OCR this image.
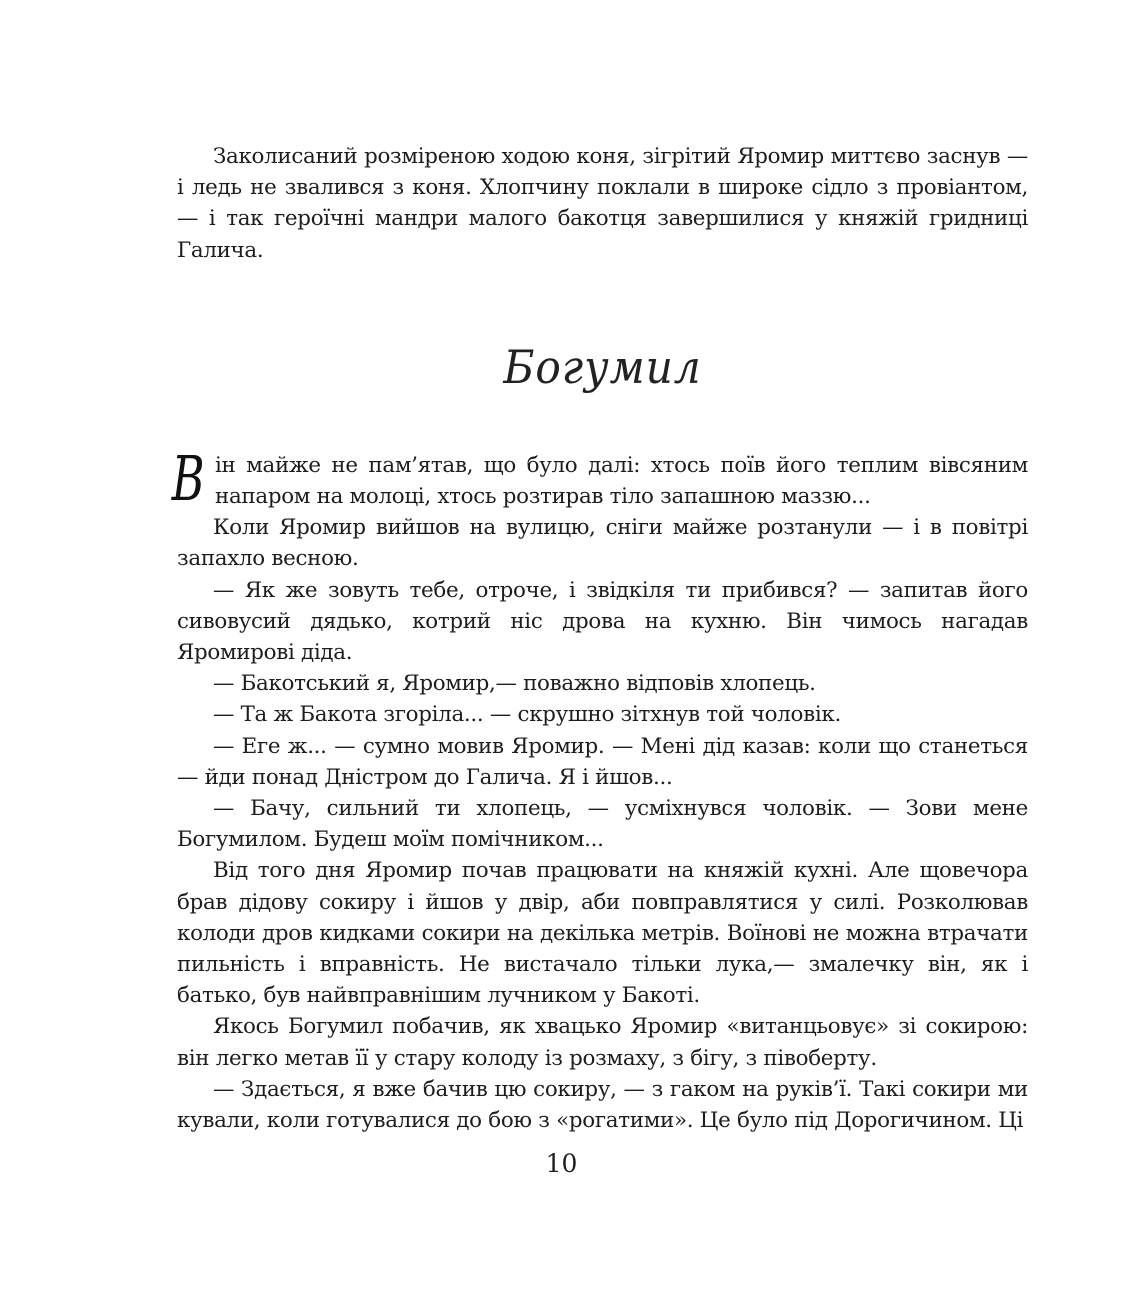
Заколисаний розміреною ходою коня, зігрітий Яромир миттєво заснув — і ледь не звалився з коня. Хлопчину поклали в широке сідло з провіантом, — і так героїчні мандри малого бакотця завершилися у княжій гридниці Галича.

Богумил

Він майже не пам’ятав, що було далі: хтось поїв його теплим вівсяним напаром на молоці, хтось розтирав тіло запашною маззю...

Коли Яромир вийшов на вулицю, сніги майже розтанули — і в повітрі запахло весною.

— Як же зовуть тебе, отроче, і звідкіля ти прибився? — запитав його сивовусий дядько, котрий ніс дрова на кухню. Він чимось нагадав Яромирові діда.

— Бакотський я, Яромир,— поважно відповів хлопець.

— Та ж Бакота згоріла... — скрушно зітхнув той чоловік.

— Еге ж... — сумно мовив Яромир. — Мені дід казав: коли що станеться — йди понад Дністром до Галича. Я і йшов...

— Бачу, сильний ти хлопець, — усміхнувся чоловік. — Зови мене Богумилом. Будеш моїм помічником...

Від того дня Яромир почав працювати на княжій кухні. Але щовечора брав дідову сокиру і йшов у двір, аби повправлятися у силі. Розколював колоди дров кидками сокири на декілька метрів. Воїнові не можна втрачати пильність і вправність. Не вистачало тільки лука,— змалечку він, як і батько, був найвправнішим лучником у Бакоті.

Якось Богумил побачив, як хвацько Яромир «витанцьовує» зі сокирою: він легко метав її у стару колоду із розмаху, з бігу, з півоберту.

— Здається, я вже бачив цю сокиру, — з гаком на руків’ї. Такі сокири ми кували, коли готувалися до бою з «рогатими». Це було під Дорогичином. Ці

10
